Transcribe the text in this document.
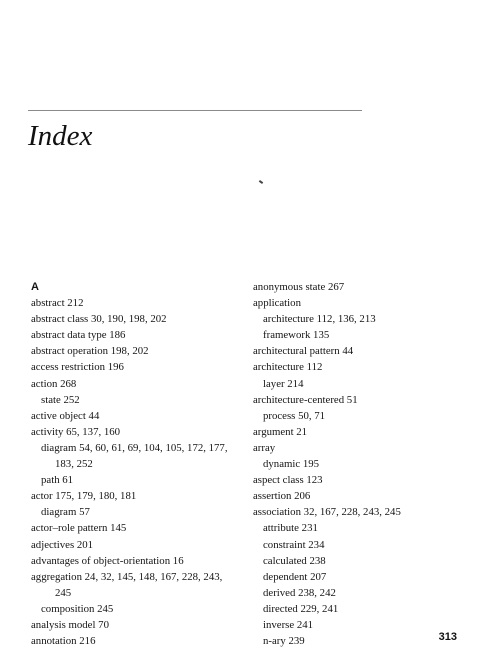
Index
A
abstract 212
abstract class 30, 190, 198, 202
abstract data type 186
abstract operation 198, 202
access restriction 196
action 268
state 252
active object 44
activity 65, 137, 160
diagram 54, 60, 61, 69, 104, 105, 172, 177,
183, 252
path 61
actor 175, 179, 180, 181
diagram 57
actor–role pattern 145
adjectives 201
advantages of object-orientation 16
aggregation 24, 32, 145, 148, 167, 228, 243,
245
composition 245
analysis model 70
annotation 216
anonymous state 267
application
architecture 112, 136, 213
framework 135
architectural pattern 44
architecture 112
layer 214
architecture-centered 51
process 50, 71
argument 21
array
dynamic 195
aspect class 123
assertion 206
association 32, 167, 228, 243, 245
attribute 231
constraint 234
calculated 238
dependent 207
derived 238, 242
directed 229, 241
inverse 241
n-ary 239	313
